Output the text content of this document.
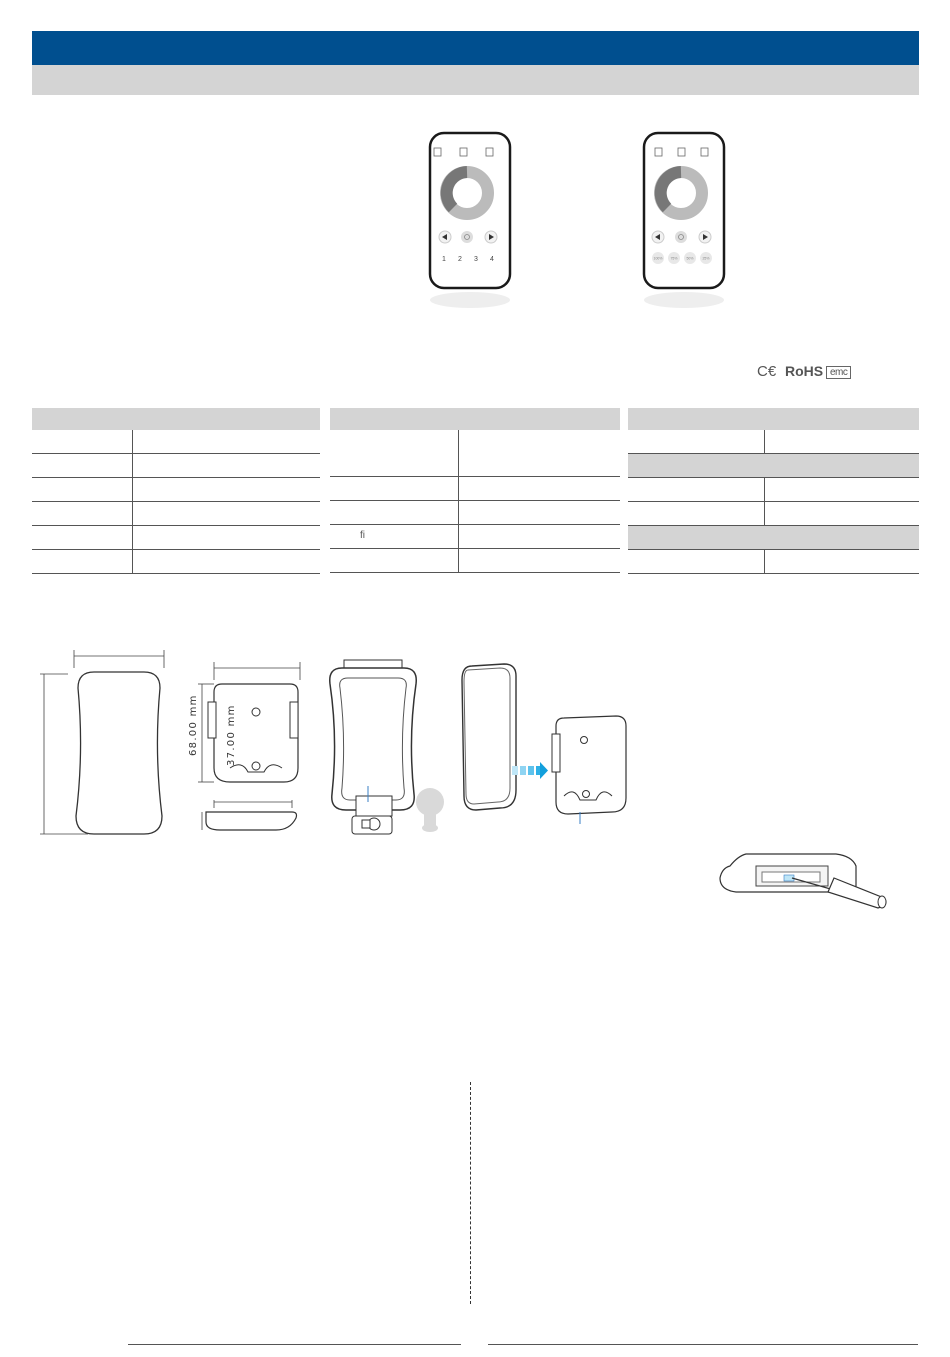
1 2 3 4	100% 75%	50%	25%
C€ RoHS emc
fi
68.00 mm	37.00 mm
